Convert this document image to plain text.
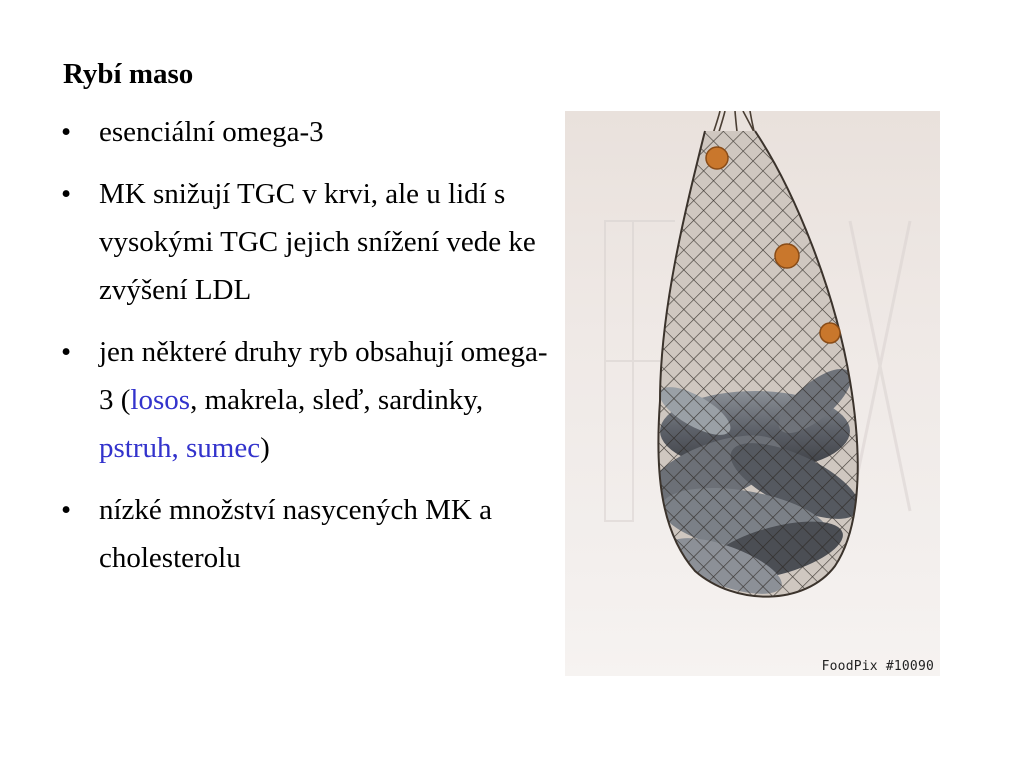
Rybí maso
• esenciální omega-3
• MK snižují TGC v krvi, ale u lidí s vysokými TGC jejich snížení vede ke zvýšení LDL
• jen některé druhy ryb obsahují omega-3 (losos, makrela, sleď, sardinky, pstruh, sumec)
• nízké množství nasycených MK a cholesterolu
FoodPix #10090
